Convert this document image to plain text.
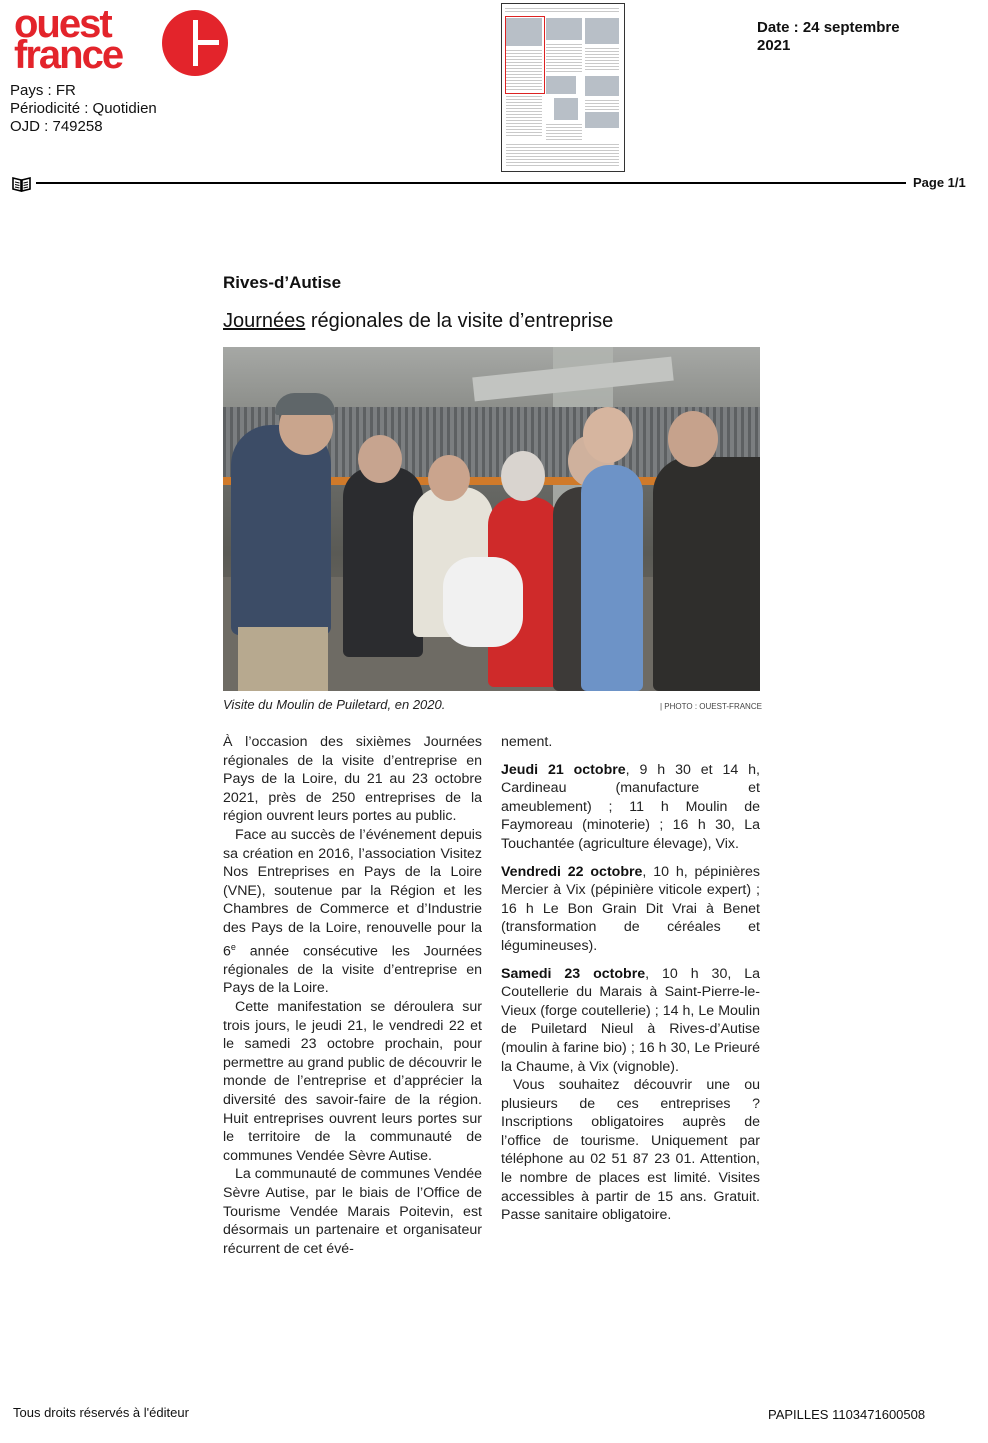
ouest
france
Pays : FR
Périodicité : Quotidien
OJD : 749258
Date : 24 septembre
2021
Page 1/1
Rives-d’Autise
Journées régionales de la visite d’entreprise
Visite du Moulin de Puiletard, en 2020.	| PHOTO : OUEST-FRANCE

À l’occasion des sixièmes Journées régionales de la visite d’entreprise en Pays de la Loire, du 21 au 23 octobre 2021, près de 250 entreprises de la région ouvrent leurs portes au public.

Face au succès de l’événement depuis sa création en 2016, l’association Visitez Nos Entreprises en Pays de la Loire (VNE), soutenue par la Région et les Chambres de Commerce et d’Industrie des Pays de la Loire, renouvelle pour la 6e année consécutive les Journées régionales de la visite d’entreprise en Pays de la Loire.

Cette manifestation se déroulera sur trois jours, le jeudi 21, le vendredi 22 et le samedi 23 octobre prochain, pour permettre au grand public de découvrir le monde de l’entreprise et d’apprécier la diversité des savoir-faire de la région. Huit entreprises ouvrent leurs portes sur le territoire de la communauté de communes Vendée Sèvre Autise.

La communauté de communes Vendée Sèvre Autise, par le biais de l’Office de Tourisme Vendée Marais Poitevin, est désormais un partenaire et organisateur récurrent de cet évé-

nement.

Jeudi 21 octobre, 9 h 30 et 14 h, Cardineau (manufacture et ameublement) ; 11 h Moulin de Faymoreau (minoterie) ; 16 h 30, La Touchantée (agriculture élevage), Vix.

Vendredi 22 octobre, 10 h, pépinières Mercier à Vix (pépinière viticole expert) ; 16 h Le Bon Grain Dit Vrai à Benet (transformation de céréales et légumineuses).

Samedi 23 octobre, 10 h 30, La Coutellerie du Marais à Saint-Pierre-le-Vieux (forge coutellerie) ; 14 h, Le Moulin de Puiletard Nieul à Rives-d’Autise (moulin à farine bio) ; 16 h 30, Le Prieuré la Chaume, à Vix (vignoble).

Vous souhaitez découvrir une ou plusieurs de ces entreprises ? Inscriptions obligatoires auprès de l’office de tourisme. Uniquement par téléphone au 02 51 87 23 01. Attention, le nombre de places est limité. Visites accessibles à partir de 15 ans. Gratuit. Passe sanitaire obligatoire.

Tous droits réservés à l'éditeur	PAPILLES 1103471600508
